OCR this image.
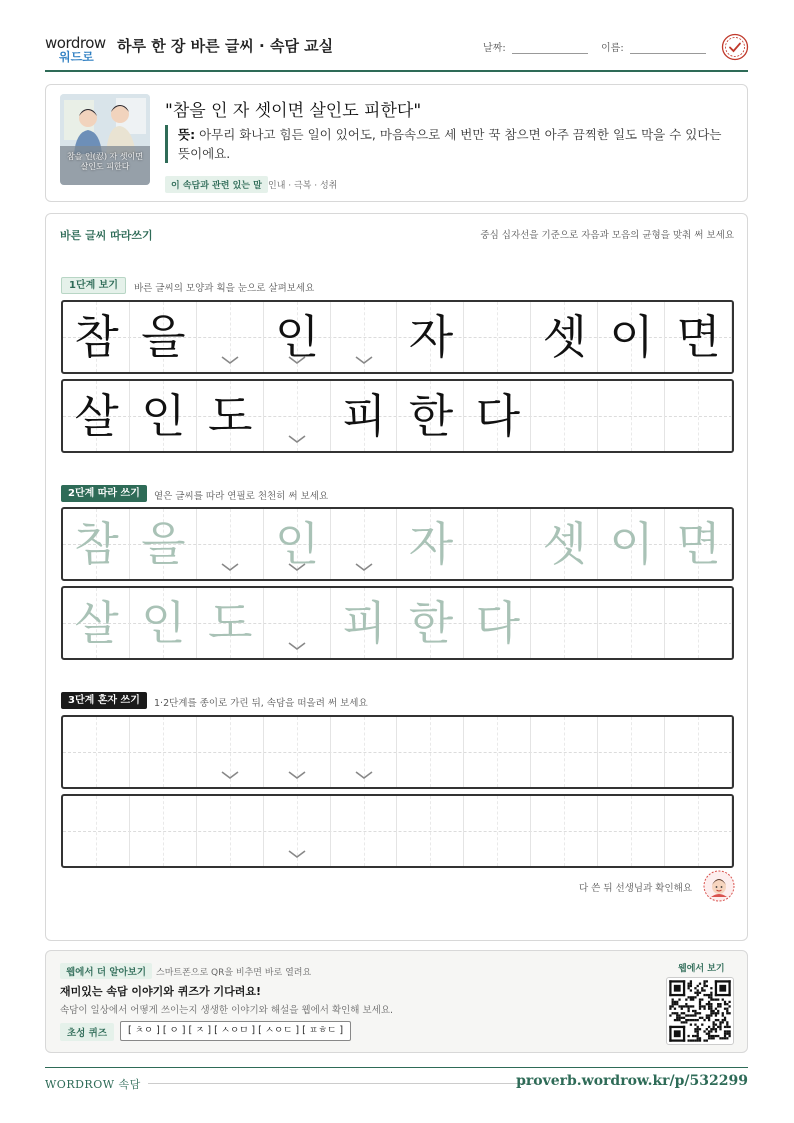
wordrow
워드로
하루 한 장 바른 글씨 · 속담 교실	날짜:	이름:
참을 인(忍) 자 셋이면 살인도 피한다
"참을 인 자 셋이면 살인도 피한다"
뜻: 아무리 화나고 힘든 일이 있어도, 마음속으로 세 번만 꾹 참으면 아주 끔찍한 일도 막을 수 있다는 뜻이에요.
이 속담과 관련 있는 말 인내 · 극복 · 성취
바른 글씨 따라쓰기	중심 십자선을 기준으로 자음과 모음의 균형을 맞춰 써 보세요
1단계 보기	바른 글씨의 모양과 획을 눈으로 살펴보세요
참 을 인 자 셋 이 면
살 인 도 피 한 다
2단계 따라 쓰기	옅은 글씨를 따라 연필로 천천히 써 보세요
참 을 인 자 셋 이 면
살 인 도 피 한 다
3단계 혼자 쓰기	1·2단계를 종이로 가린 뒤, 속담을 떠올려 써 보세요
다 쓴 뒤 선생님과 확인해요
웹에서 더 알아보기	스마트폰으로 QR을 비추면 바로 열려요
재미있는 속담 이야기와 퀴즈가 기다려요!
속담이 일상에서 어떻게 쓰이는지 생생한 이야기와 해설을 웹에서 확인해 보세요.
초성 퀴즈	[ ㅊㅇ ] [ ㅇ ] [ ㅈ ] [ ㅅㅇㅁ ] [ ㅅㅇㄷ ] [ ㅍㅎㄷ ]
웹에서 보기
WORDROW 속담	proverb.wordrow.kr/p/532299
